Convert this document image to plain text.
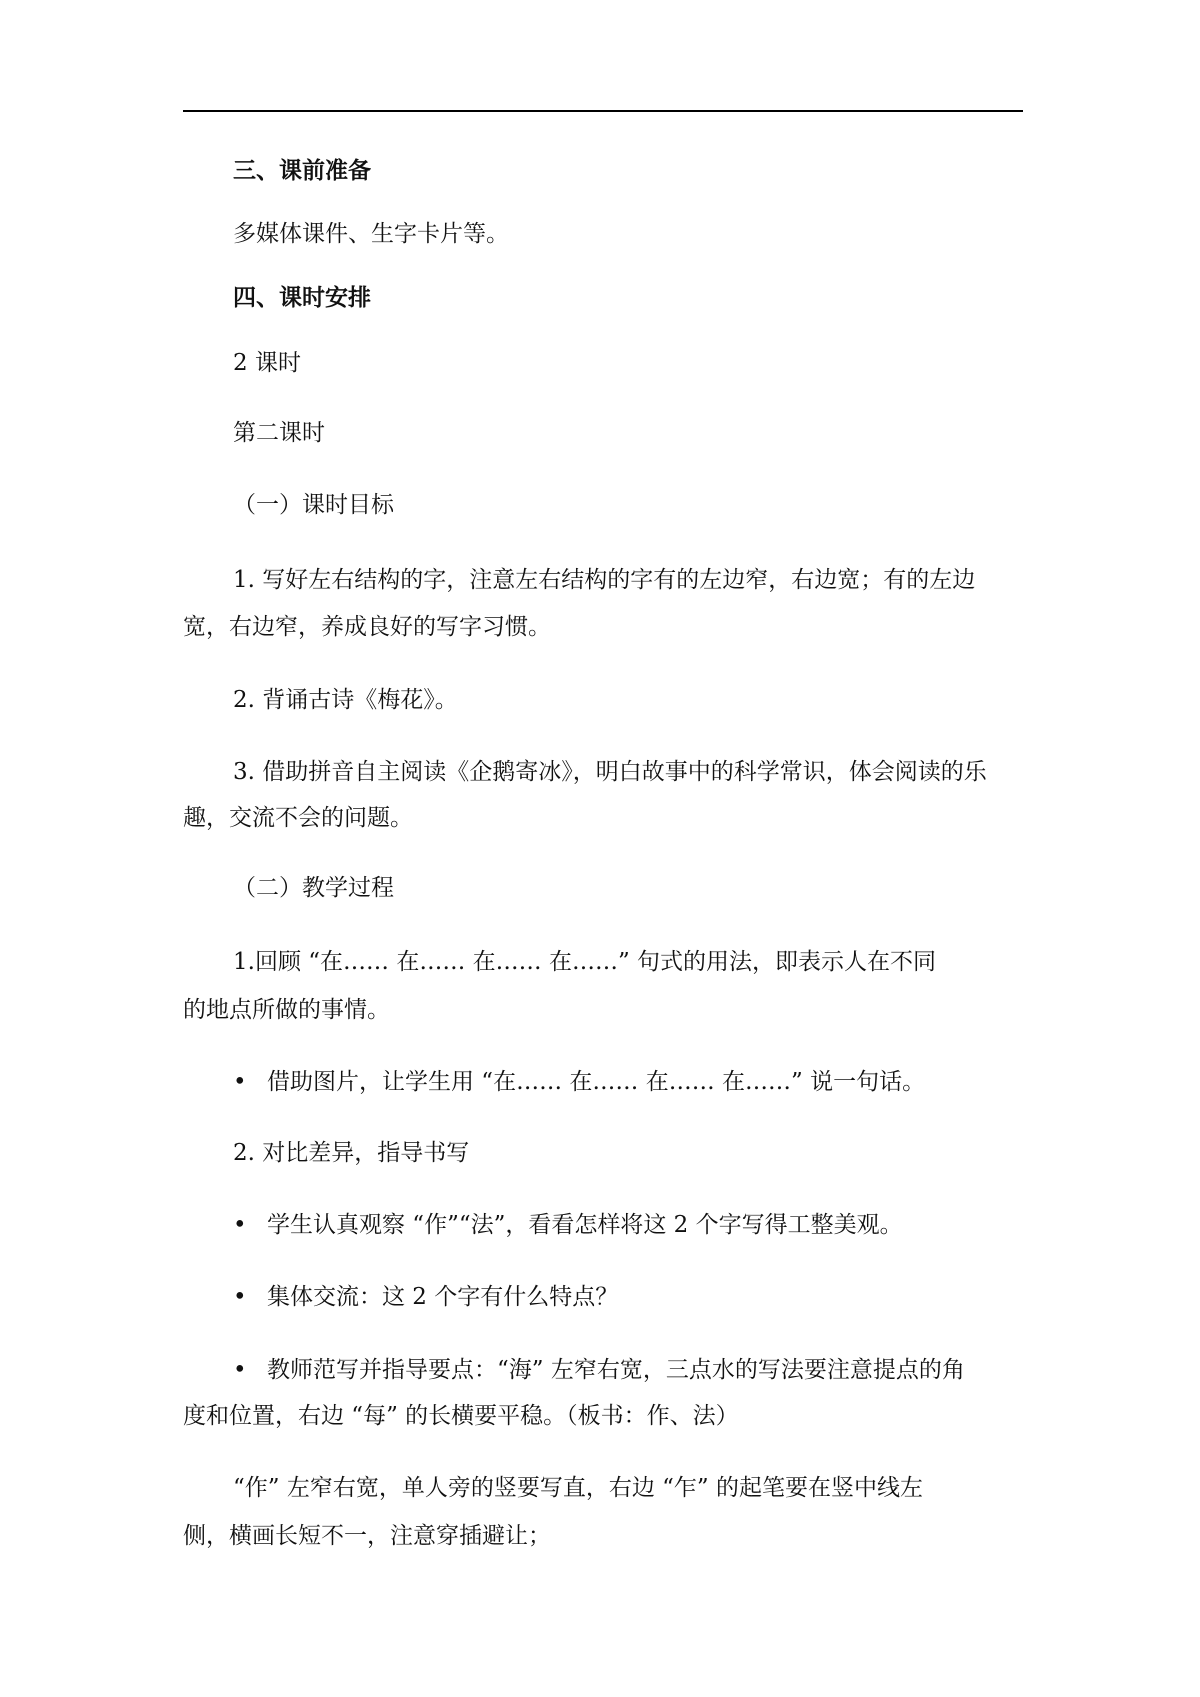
三、课前准备
多媒体课件、生字卡片等。
四、课时安排
2 课时
第二课时
（一）课时目标
1. 写好左右结构的字，注意左右结构的字有的左边窄，右边宽；有的左边
宽，右边窄，养成良好的写字习惯。
2. 背诵古诗《梅花》。
3. 借助拼音自主阅读《企鹅寄冰》，明白故事中的科学常识，体会阅读的乐
趣，交流不会的问题。
（二）教学过程
1.回顾 “在…… 在…… 在…… 在……” 句式的用法，即表示人在不同
的地点所做的事情。
• 借助图片，让学生用 “在…… 在…… 在…… 在……” 说一句话。
2. 对比差异，指导书写
• 学生认真观察 “作”“法”，看看怎样将这 2 个字写得工整美观。
• 集体交流：这 2 个字有什么特点？
• 教师范写并指导要点：“海” 左窄右宽，三点水的写法要注意提点的角
度和位置，右边 “每” 的长横要平稳。（板书：作、法）
“作” 左窄右宽，单人旁的竖要写直，右边 “乍” 的起笔要在竖中线左
侧，横画长短不一，注意穿插避让；
